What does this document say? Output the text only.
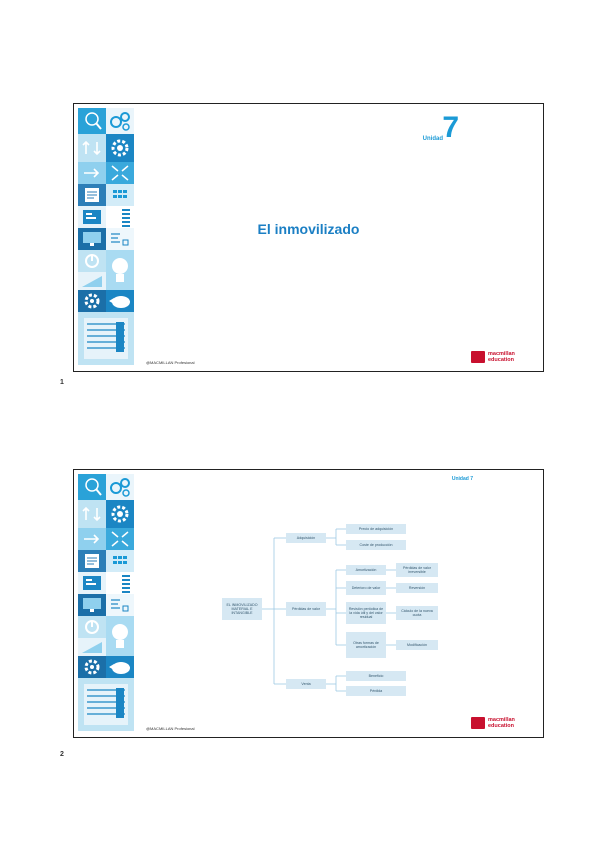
Unidad 7
El inmovilizado
@MACMILLAN Profesional
macmillan
education
1
Unidad 7
EL INMOVILIZADO MATERIAL E INTANGIBLE
Adquisición
Precio de adquisición
Coste de producción
Pérdidas de valor
Amortización
Deterioro de valor
Revisión periódica de la vida útil y del valor residual
Otras formas de amortización
Pérdidas de valor irreversible
Reversión
Cálculo de la nueva cuota
Modificación
Venta
Beneficio
Pérdida
@MACMILLAN Profesional
macmillan
education
2
